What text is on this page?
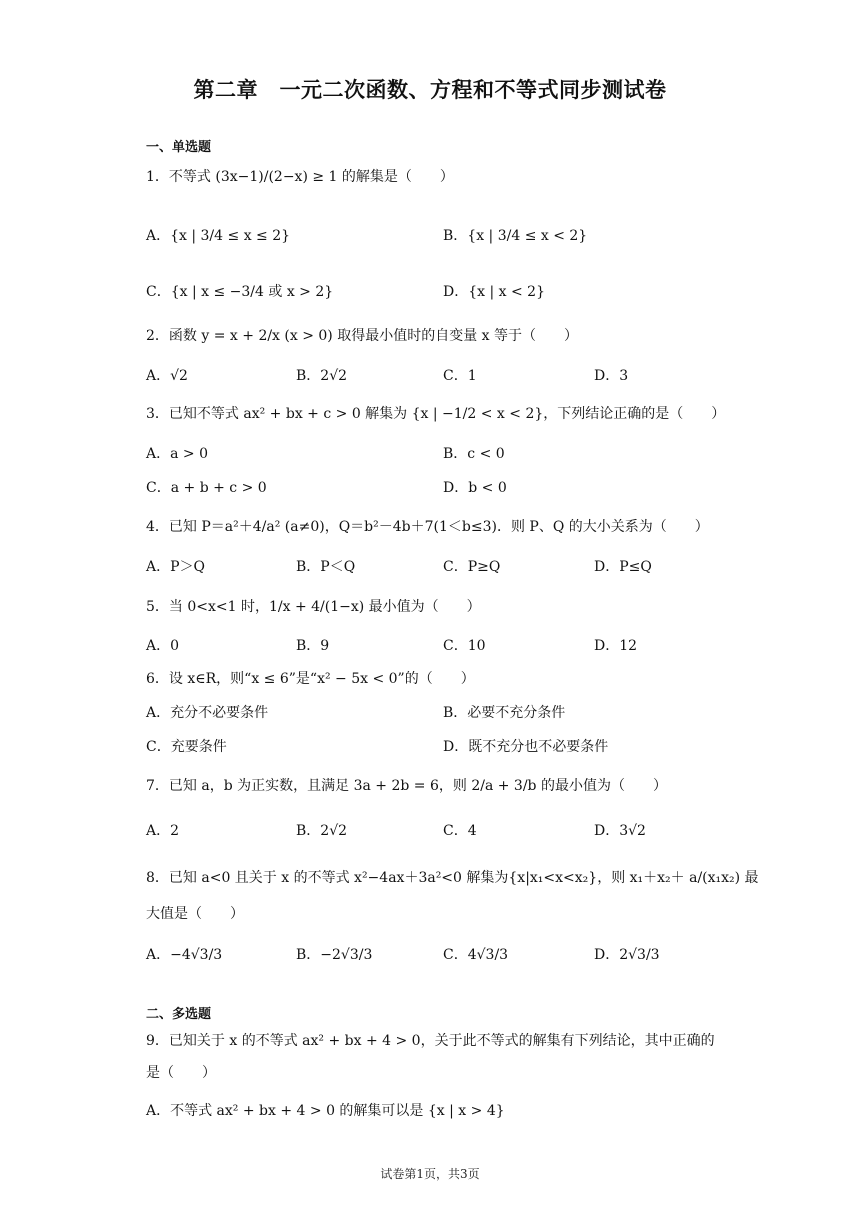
第二章　一元二次函数、方程和不等式同步测试卷
一、单选题
1．不等式 (3x−1)/(2−x) ≥ 1 的解集是（　　）
A．{x | 3/4 ≤ x ≤ 2}	B．{x | 3/4 ≤ x < 2}
C．{x | x ≤ −3/4 或 x > 2}	D．{x | x < 2}
2．函数 y = x + 2/x (x > 0) 取得最小值时的自变量 x 等于（　　）
A．√2	B．2√2	C．1	D．3
3．已知不等式 ax² + bx + c > 0 解集为 {x | −1/2 < x < 2}，下列结论正确的是（　　）
A．a > 0	B．c < 0
C．a + b + c > 0	D．b < 0
4．已知 P＝a²＋4/a² (a≠0)，Q＝b²－4b＋7(1＜b≤3)．则 P、Q 的大小关系为（　　）
A．P＞Q	B．P＜Q	C．P≥Q	D．P≤Q
5．当 0<x<1 时，1/x + 4/(1−x) 最小值为（　　）
A．0	B．9	C．10	D．12
6．设 x∈R，则“x ≤ 6”是“x² − 5x < 0”的（　　）
A．充分不必要条件	B．必要不充分条件
C．充要条件	D．既不充分也不必要条件
7．已知 a，b 为正实数，且满足 3a + 2b = 6，则 2/a + 3/b 的最小值为（　　）
A．2	B．2√2	C．4	D．3√2
8．已知 a<0 且关于 x 的不等式 x²−4ax＋3a²<0 解集为{x|x₁<x<x₂}，则 x₁＋x₂＋ a/(x₁x₂) 最
大值是（　　）
A．−4√3/3	B．−2√3/3	C．4√3/3	D．2√3/3
二、多选题
9．已知关于 x 的不等式 ax² + bx + 4 > 0，关于此不等式的解集有下列结论，其中正确的
是（　　）
A．不等式 ax² + bx + 4 > 0 的解集可以是 {x | x > 4}
试卷第1页，共3页
